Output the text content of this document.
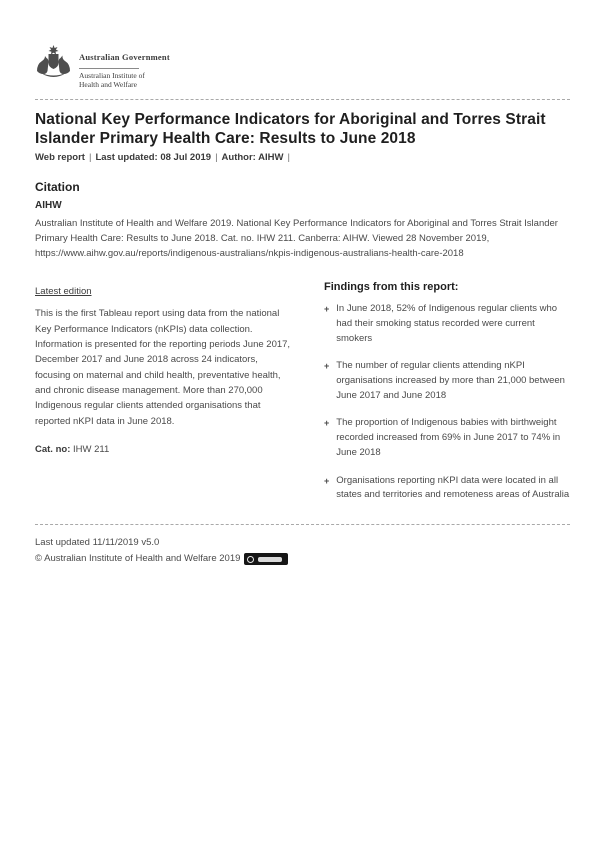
Australian Government
Australian Institute of
Health and Welfare
National Key Performance Indicators for Aboriginal and Torres Strait Islander Primary Health Care: Results to June 2018
Web report | Last updated: 08 Jul 2019 | Author: AIHW |
Citation
AIHW

Australian Institute of Health and Welfare 2019. National Key Performance Indicators for Aboriginal and Torres Strait Islander Primary Health Care: Results to June 2018. Cat. no. IHW 211. Canberra: AIHW. Viewed 28 November 2019,
https://www.aihw.gov.au/reports/indigenous-australians/nkpis-indigenous-australians-health-care-2018

Latest edition

This is the first Tableau report using data from the national Key Performance Indicators (nKPIs) data collection. Information is presented for the reporting periods June 2017, December 2017 and June 2018 across 24 indicators, focusing on maternal and child health, preventative health, and chronic disease management. More than 270,000 Indigenous regular clients attended organisations that reported nKPI data in June 2018.

Cat. no: IHW 211

Findings from this report:
+ In June 2018, 52% of Indigenous regular clients who had their smoking status recorded were current smokers
+ The number of regular clients attending nKPI organisations increased by more than 21,000 between June 2017 and June 2018
+ The proportion of Indigenous babies with birthweight recorded increased from 69% in June 2017 to 74% in June 2018
+ Organisations reporting nKPI data were located in all states and territories and remoteness areas of Australia
Last updated 11/11/2019 v5.0
© Australian Institute of Health and Welfare 2019
